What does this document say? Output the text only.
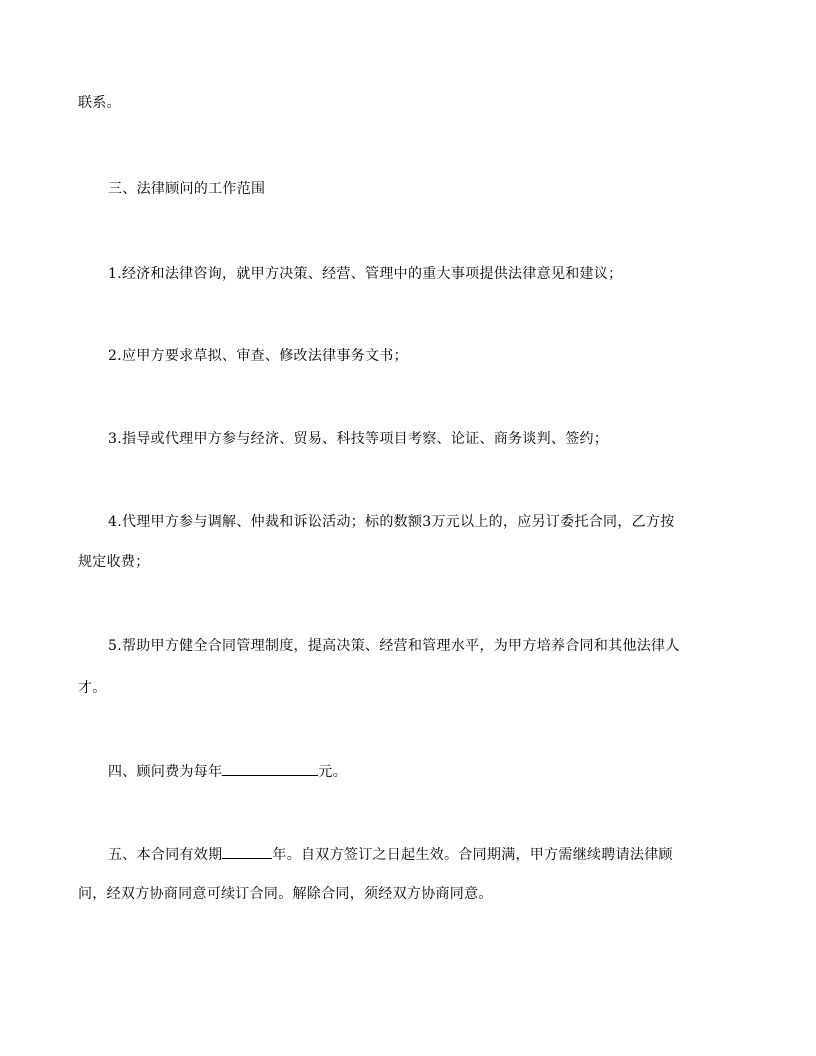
联系。
三、法律顾问的工作范围
1.经济和法律咨询，就甲方决策、经营、管理中的重大事项提供法律意见和建议；
2.应甲方要求草拟、审查、修改法律事务文书；
3.指导或代理甲方参与经济、贸易、科技等项目考察、论证、商务谈判、签约；
4.代理甲方参与调解、仲裁和诉讼活动；标的数额3万元以上的，应另订委托合同，乙方按
规定收费；
5.帮助甲方健全合同管理制度，提高决策、经营和管理水平，为甲方培养合同和其他法律人
才。
四、顾问费为每年	元。
五、本合同有效期	年。自双方签订之日起生效。合同期满，甲方需继续聘请法律顾
问，经双方协商同意可续订合同。解除合同，须经双方协商同意。
